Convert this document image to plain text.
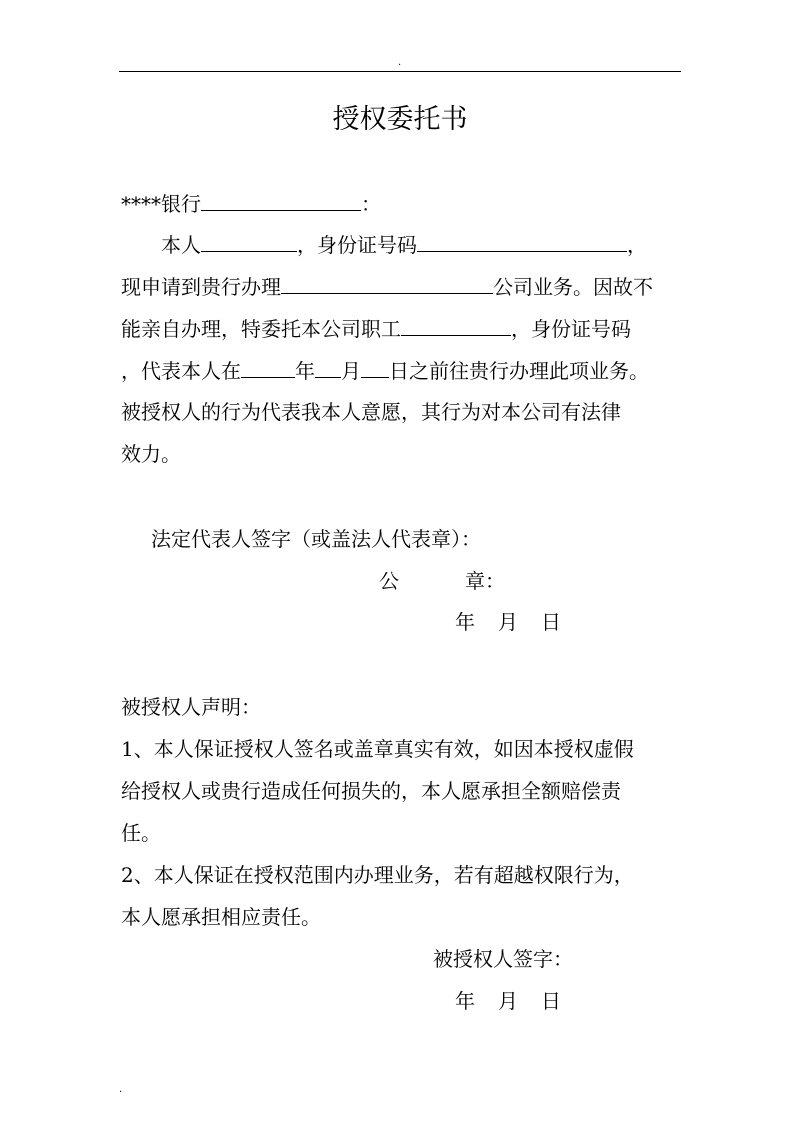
.
授权委托书
****银行	：
本人	，身份证号码	，
现申请到贵行办理	公司业务。因故不
能亲自办理，特委托本公司职工	，身份证号码
，代表本人在	年 月 日之前往贵行办理此项业务。
被授权人的行为代表我本人意愿，其行为对本公司有法律
效力。
法定代表人签字（或盖法人代表章）：
公	章：
年 月 日
被授权人声明：
1、本人保证授权人签名或盖章真实有效，如因本授权虚假
给授权人或贵行造成任何损失的，本人愿承担全额赔偿责
任。
2、本人保证在授权范围内办理业务，若有超越权限行为，
本人愿承担相应责任。
被授权人签字：
年 月 日
.
